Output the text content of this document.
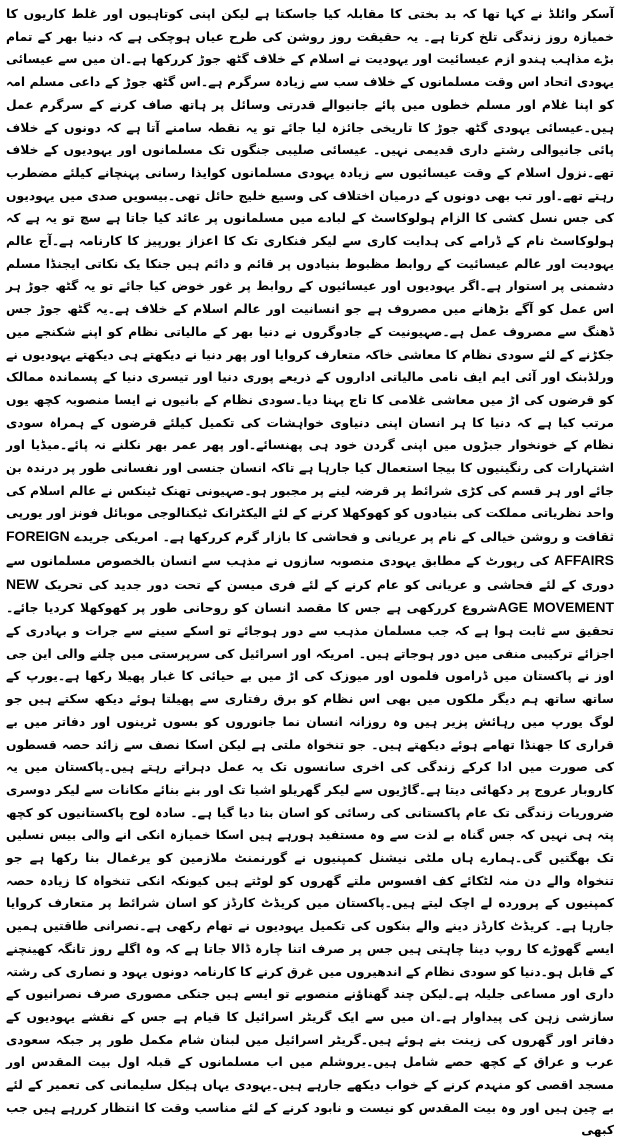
آسکر وائلڈ نے کہا تھا کہ بد بختی کا مقابلہ کیا جاسکتا ہے لیکن اپنی کوتاہیوں اور غلط کاریوں کا خمیازہ روز زندگی تلخ کرتا ہے۔ یہ حقیقت روز روشن کی طرح عیاں ہوچکی ہے کہ دنیا بھر کے تمام بڑے مذاہب ہندو ازم عیسائیت اور یہودیت نے اسلام کے خلاف گٹھ جوڑ کررکھا ہے۔ان میں سے عیسائی یہودی اتحاد اس وقت مسلمانوں کے خلاف سب سے زیادہ سرگرم ہے۔اس گٹھ جوڑ کے داعی مسلم امہ کو اپنا غلام اور مسلم خطوں میں پائے جانیوالے قدرتی وسائل پر ہاتھ صاف کرنے کے سرگرم عمل ہیں۔عیسائی یہودی گٹھ جوڑ کا تاریخی جائزہ لیا جائے تو یہ نقطہ سامنے آتا ہے کہ دونوں کے خلاف پائی جانیوالی رشتے داری قدیمی نہیں۔ عیسائی صلیبی جنگوں تک مسلمانوں اور یہودیوں کے خلاف تھے۔نزول اسلام کے وقت عیسائیوں سے زیادہ یہودی مسلمانوں کوایذا رسانی پہنچانے کیلئے مضطرب رہتے تھے۔اور تب بھی دونوں کے درمیان اختلاف کی وسیع خلیج حائل تھی۔بیسویں صدی میں یہودیوں کی جس نسل کشی کا الزام ہولوکاسٹ کے لبادے میں مسلمانوں پر عائد کیا جاتا ہے سچ تو یہ ہے کہ ہولوکاسٹ نام کے ڈرامے کی ہدایت کاری سے لیکر فنکاری تک کا اعزاز یورپیز کا کارنامہ ہے۔آج عالم یہودیت اور عالم عیسائیت کے روابط مظبوط بنیادوں پر قائم و دائم ہیں جنکا یک نکاتی ایجنڈا مسلم دشمنی پر استوار ہے۔اگر یہودیوں اور عیسائیوں کے روابط پر غور خوض کیا جائے تو یہ گٹھ جوڑ ہر اس عمل کو آگے بڑھانے میں مصروف ہے جو انسانیت اور عالم اسلام کے خلاف ہے۔یہ گٹھ جوڑ جس ڈھنگ سے مصروف عمل ہے۔صہیونیت کے جادوگروں نے دنیا بھر کے مالیاتی نظام کو اپنے شکنجے میں جکڑنے کے لئے سودی نظام کا معاشی خاکہ متعارف کروایا اور پھر دنیا نے دیکھتے ہی دیکھتے یہودیوں نے ورلڈبنک اور آئی ایم ایف نامی مالیاتی اداروں کے ذریعے پوری دنیا اور تیسری دنیا کے پسماندہ ممالک کو قرضوں کی اڑ میں معاشی غلامی کا تاج پہنا دیا۔سودی نظام کے بانیوں نے ایسا منصوبہ کچھ یوں مرتب کیا ہے کہ دنیا کا ہر انسان اپنی دنیاوی خواہشات کی تکمیل کیلئے قرضوں کے ہمراہ سودی نظام کے خونخوار جبڑوں میں اپنی گردن خود ہی پھنسائے۔اور پھر عمر بھر نکلنے نہ پائے۔میڈیا اور اشتہارات کی رنگینیوں کا بیجا استعمال کیا جارہا ہے تاکہ انسان جنسی اور نفسانی طور پر درندہ بن جائے اور ہر قسم کی کڑی شرائط پر قرضہ لینے پر مجبور ہو۔صہیونی تھنک ٹینکس نے عالم اسلام کی واحد نظریاتی مملکت کی بنیادوں کو کھوکھلا کرنے کے لئے الیکٹرانک ٹیکنالوجی موبائل فونز اور یورپی ثقافت و روشن خیالی کے نام پر عریانی و فحاشی کا بازار گرم کررکھا ہے۔ امریکی جریدے FOREIGN AFFAIRS کی رپورٹ کے مطابق یہودی منصوبہ سازوں نے مذہب سے انسان بالخصوص مسلمانوں سے دوری کے لئے فحاشی و عریانی کو عام کرنے کے لئے فری میسن کے تحت دور جدید کی تحریک NEW AGE MOVEMENTشروع کررکھی ہے جس کا مقصد انسان کو روحانی طور پر کھوکھلا کردیا جائے۔تحقیق سے ثابت ہوا ہے کہ جب مسلمان مذہب سے دور ہوجائے تو اسکے سینے سے جرات و بہادری کے اجزائے ترکیبی منفی میں دور ہوجاتے ہیں۔ امریکہ اور اسرائیل کی سرپرستی میں چلنے والی این جی اوز نے پاکستان میں ڈراموں فلموں اور میوزک کی اڑ میں بے حیائی کا غبار پھیلا رکھا ہے۔یورپ کے ساتھ ساتھ ہم دیگر ملکوں میں بھی اس نظام کو برق رفتاری سے پھیلتا ہوئے دیکھ سکتے ہیں جو لوگ یورپ میں رہائش پزیر ہیں وہ روزانہ انسان نما جانوروں کو بسوں ٹرینوں اور دفاتر میں بے قراری کا جھنڈا تھامے ہوئے دیکھتے ہیں۔ جو تنخواہ ملتی ہے لیکن اسکا نصف سے زائد حصہ قسطوں کی صورت میں ادا کرکے زندگی کی اخری سانسوں تک یہ عمل دہراتے رہتے ہیں۔پاکستان میں یہ کاروبار عروج پر دکھائی دیتا ہے۔گاڑیوں سے لیکر گھریلو اشیا تک اور بنے بنائے مکانات سے لیکر دوسری ضروریات زندگی تک عام پاکستانی کی رسائی کو اسان بنا دیا گیا ہے۔ سادہ لوح پاکستانیوں کو کچھ پتہ ہی نہیں کہ جس گناہ بے لذت سے وہ مستفید ہورہے ہیں اسکا خمیازہ انکی انے والی بیس نسلیں تک بھگتیں گی۔ہمارے ہاں ملٹی نیشنل کمپنیوں نے گورنمنٹ ملازمین کو یرغمال بنا رکھا ہے جو تنخواہ والے دن منہ لٹکائے کف افسوس ملتے گھروں کو لوٹتے ہیں کیونکہ انکی تنخواہ کا زیادہ حصہ کمپنیوں کے پرورده لے اچک لیتے ہیں۔پاکستان میں کریڈٹ کارڈز کو اسان شرائط پر متعارف کروایا جارہا ہے۔ کریڈٹ کارڈز دینے والے بنکوں کی تکمیل یہودیوں نے تھام رکھی ہے۔نصرانی طاقتیں ہمیں ایسے گھوڑے کا روپ دینا چاہتی ہیں جس پر صرف اتنا چارہ ڈالا جاتا ہے کہ وہ اگلے روز تانگہ کھینچنے کے قابل ہو۔دنیا کو سودی نظام کے اندھیروں میں غرق کرنے کا کارنامہ دونوں یہود و نصاری کی رشتہ داری اور مساعی جلیلہ ہے۔لیکن چند گھناؤنے منصوبے تو ایسے ہیں جنکی مصوری صرف نصرانیوں کے سازشی زہن کی پیداوار ہے۔ان میں سے ایک گریٹر اسرائیل کا قیام ہے جس کے نقشے یہودیوں کے دفاتر اور گھروں کی زینت بنے ہوئے ہیں۔گریٹر اسرائیل میں لبنان شام مکمل طور پر جبکہ سعودی عرب و عراق کے کچھ حصے شامل ہیں۔یروشلم میں اب مسلمانوں کے قبلہ اول بیت المقدس اور مسجد اقصی کو منہدم کرنے کے خواب دیکھے جارہے ہیں۔یہودی یہاں ہیکل سلیمانی کی تعمیر کے لئے بے چین ہیں اور وہ بیت المقدس کو نیست و نابود کرنے کے لئے مناسب وقت کا انتظار کررہے ہیں جب کبھی
